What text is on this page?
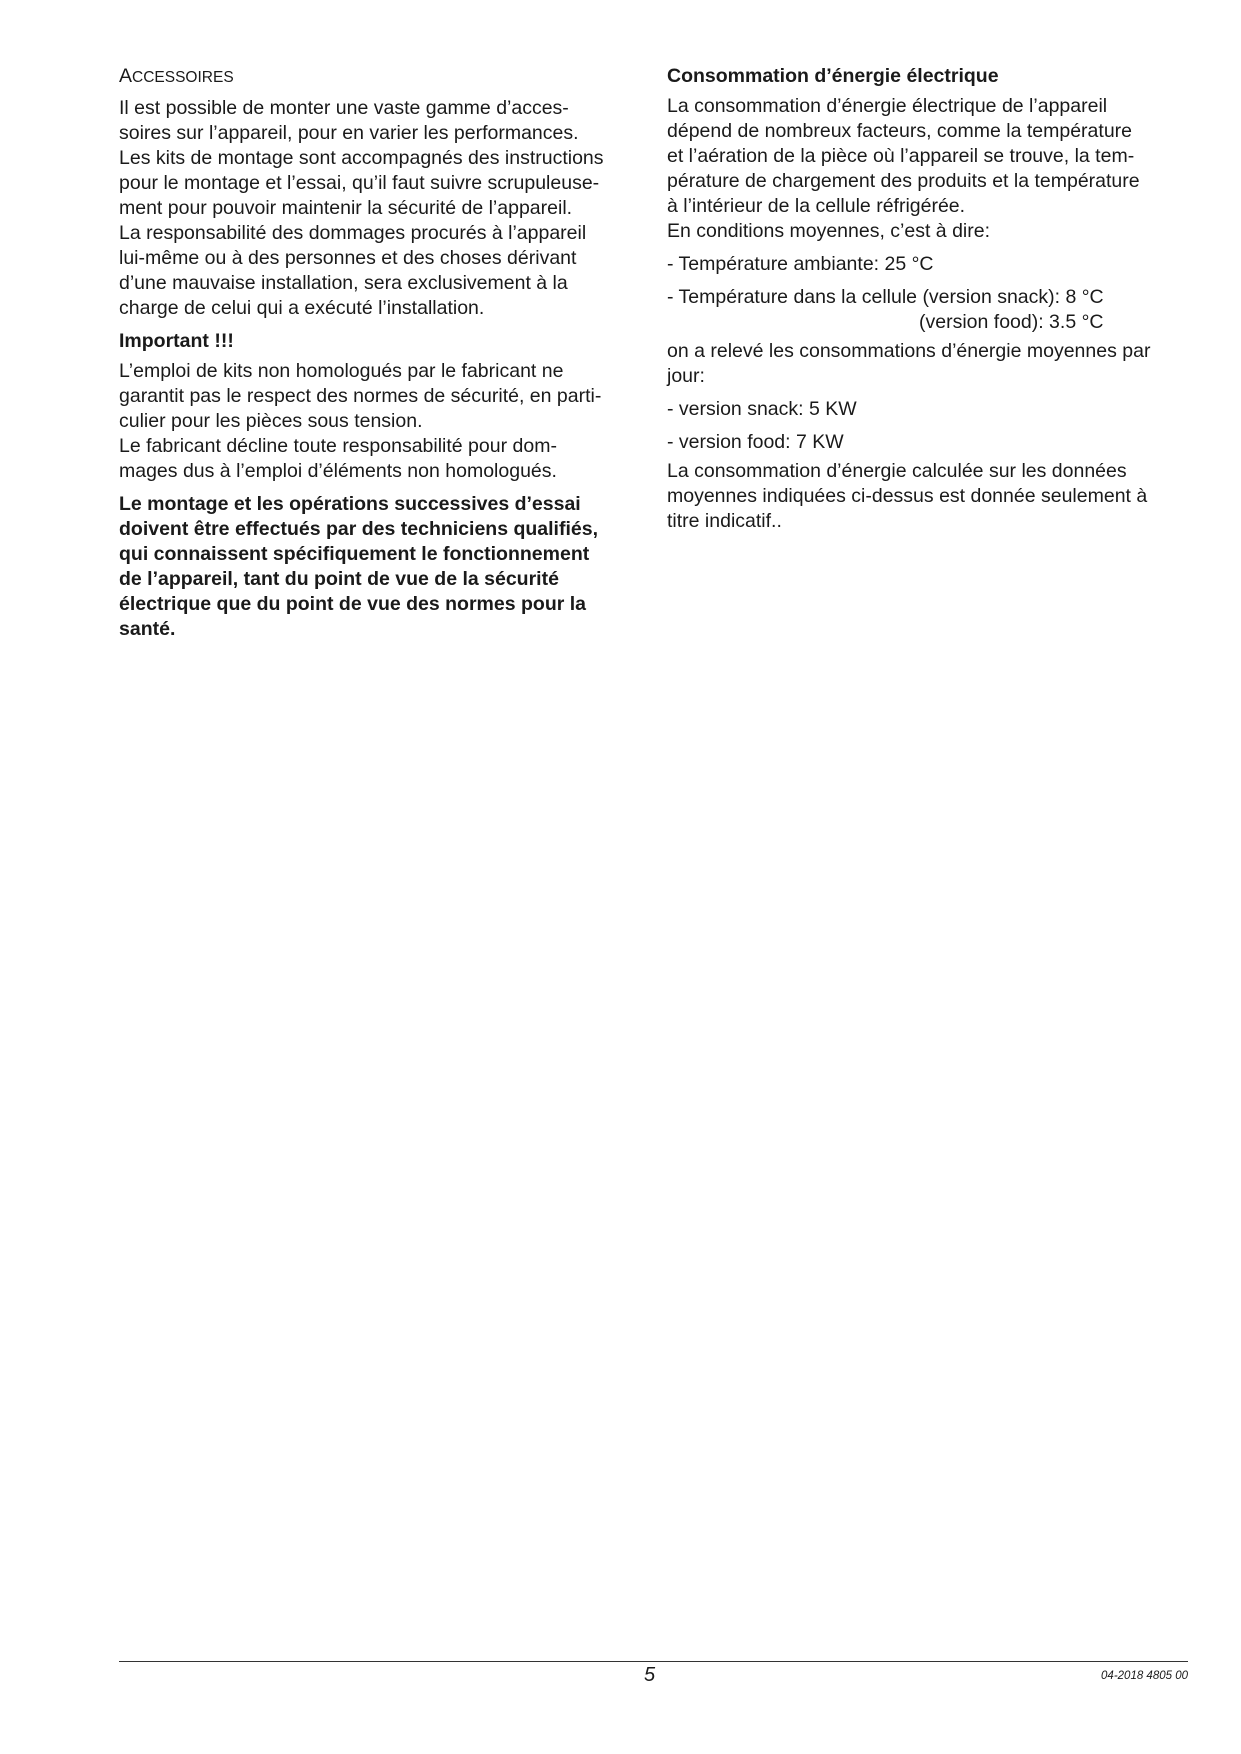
ACCESSOIRES
Il est possible de monter une vaste gamme d’acces-
soires sur l’appareil, pour en varier les performances.
Les kits de montage sont accompagnés des instructions
pour le montage et l’essai, qu’il faut suivre scrupuleuse-
ment pour pouvoir maintenir la sécurité de l’appareil.
La responsabilité des dommages procurés à l’appareil
lui-même ou à des personnes et des choses dérivant
d’une mauvaise installation, sera exclusivement à la
charge de celui qui a exécuté l’installation.
Important !!!
L’emploi de kits non homologués par le fabricant ne
garantit pas le respect des normes de sécurité, en parti-
culier pour les pièces sous tension.
Le fabricant décline toute responsabilité pour dom-
mages dus à l’emploi d’éléments non homologués.
Le montage et les opérations successives d’essai
doivent être effectués par des techniciens qualifiés,
qui connaissent spécifiquement le fonctionnement
de l’appareil, tant du point de vue de la sécurité
électrique que du point de vue des normes pour la
santé.
Consommation d’énergie électrique
La consommation d’énergie électrique de l’appareil
dépend de nombreux facteurs, comme la température
et l’aération de la pièce où l’appareil se trouve, la tem-
pérature de chargement des produits et la température
à l’intérieur de la cellule réfrigérée.
En conditions moyennes, c’est à dire:
- Température ambiante: 25 °C
- Température dans la cellule (version snack): 8 °C
(version food): 3.5 °C
on a relevé les consommations d’énergie moyennes par
jour:
- version snack: 5 KW
- version food: 7 KW
La consommation d’énergie calculée sur les données
moyennes indiquées ci-dessus est donnée seulement à
titre indicatif..
5	04-2018 4805 00
